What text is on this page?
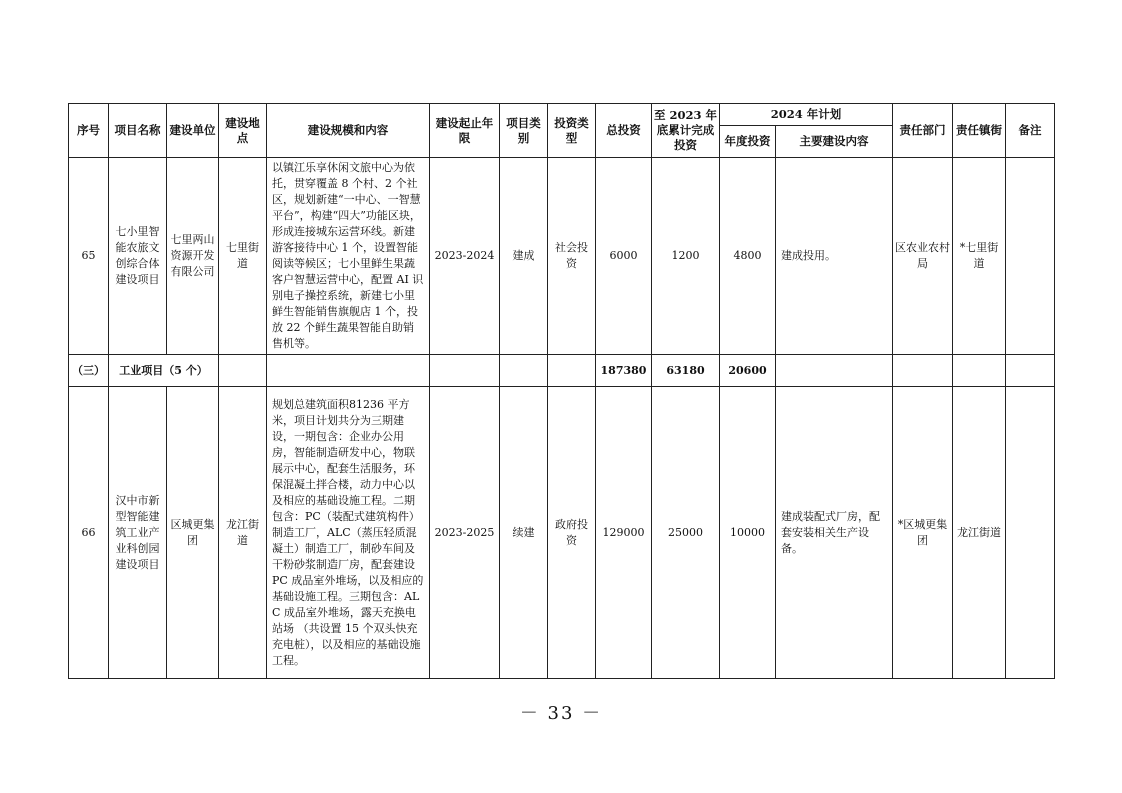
序号	项目名称	建设单位	建设地点	建设规模和内容	建设起止年限	项目类别	投资类型	总投资	至 2023 年底累计完成投资	2024 年计划		责任部门	责任镇街	备注
										年度投资	主要建设内容			
65	七小里智能农旅文创综合体建设项目	七里两山资源开发有限公司	七里街道	以镇江乐享休闲文旅中心为依托，贯穿覆盖 8 个村、2 个社区，规划新建“一中心、一智慧平台”，构建“四大”功能区块，形成连接城东运营环线。新建游客接待中心 1 个，设置智能阅读等候区；七小里鲜生果蔬客户智慧运营中心，配置 AI 识别电子操控系统，新建七小里鲜生智能销售旗舰店 1 个，投放 22 个鲜生蔬果智能自助销售机等。	2023-2024	建成	社会投资	6000	1200	4800	建成投用。	区农业农村局	*七里街道	
（三）	工业项目（5 个）							187380	63180	20600				
66	汉中市新型智能建筑工业产业科创园建设项目	区城更集团	龙江街道	规划总建筑面积81236 平方米，项目计划共分为三期建设，一期包含：企业办公用房，智能制造研发中心，物联展示中心，配套生活服务，环保混凝土拌合楼，动力中心以及相应的基础设施工程。二期包含：PC（装配式建筑构件）制造工厂，ALC（蒸压轻质混凝土）制造工厂，制砂车间及干粉砂浆制造厂房，配套建设 PC 成品室外堆场，以及相应的基础设施工程。三期包含：ALC 成品室外堆场，露天充换电站场 （共设置 15 个双头快充充电桩），以及相应的基础设施工程。	2023-2025	续建	政府投资	129000	25000	10000	建成装配式厂房，配套安装相关生产设备。	*区城更集团	龙江街道	
－ 33 －
